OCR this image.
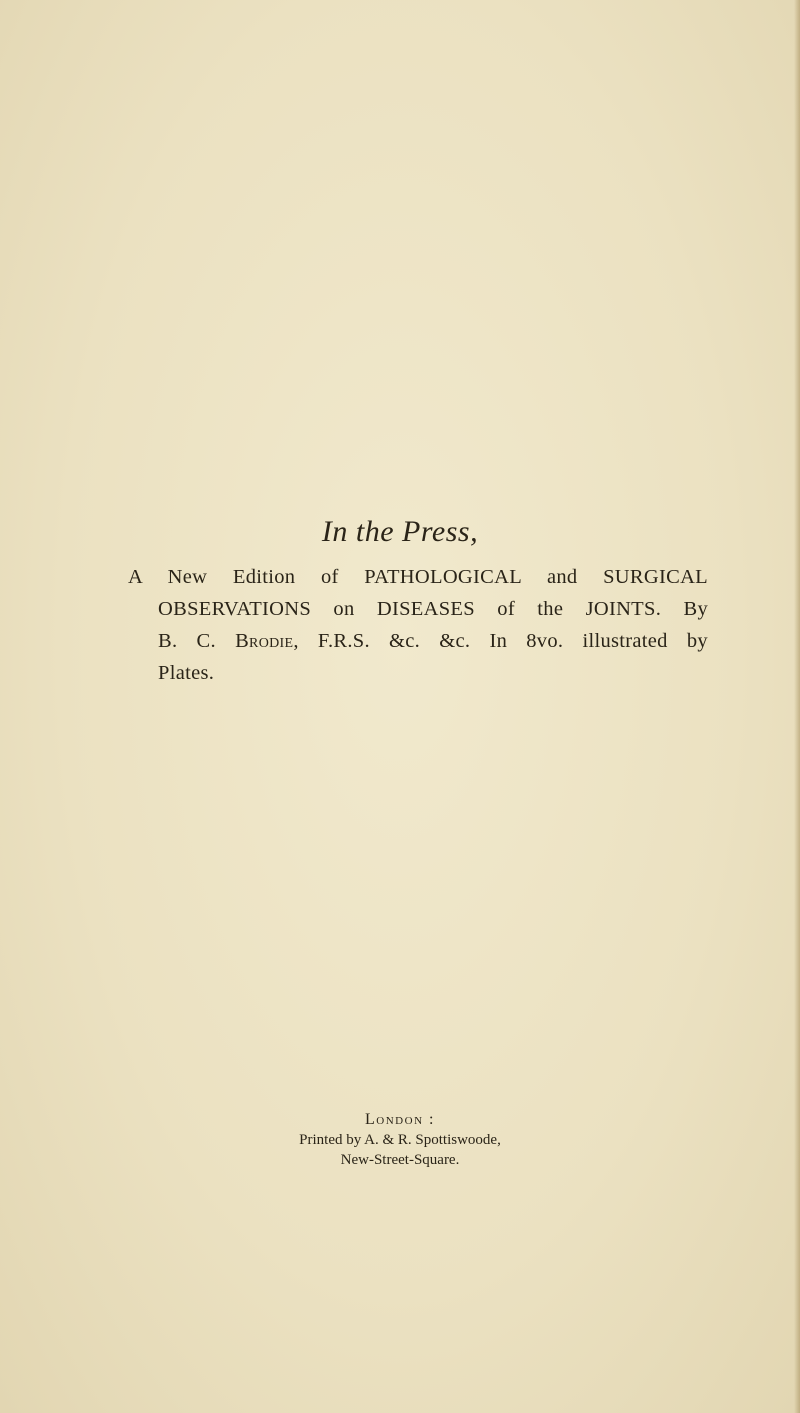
In the Press,
A New Edition of PATHOLOGICAL and SURGICAL
OBSERVATIONS on DISEASES of the JOINTS. By
B. C. Brodie, F.R.S. &c. &c. In 8vo. illustrated by
Plates.
London :
Printed by A. & R. Spottiswoode,
New-Street-Square.
